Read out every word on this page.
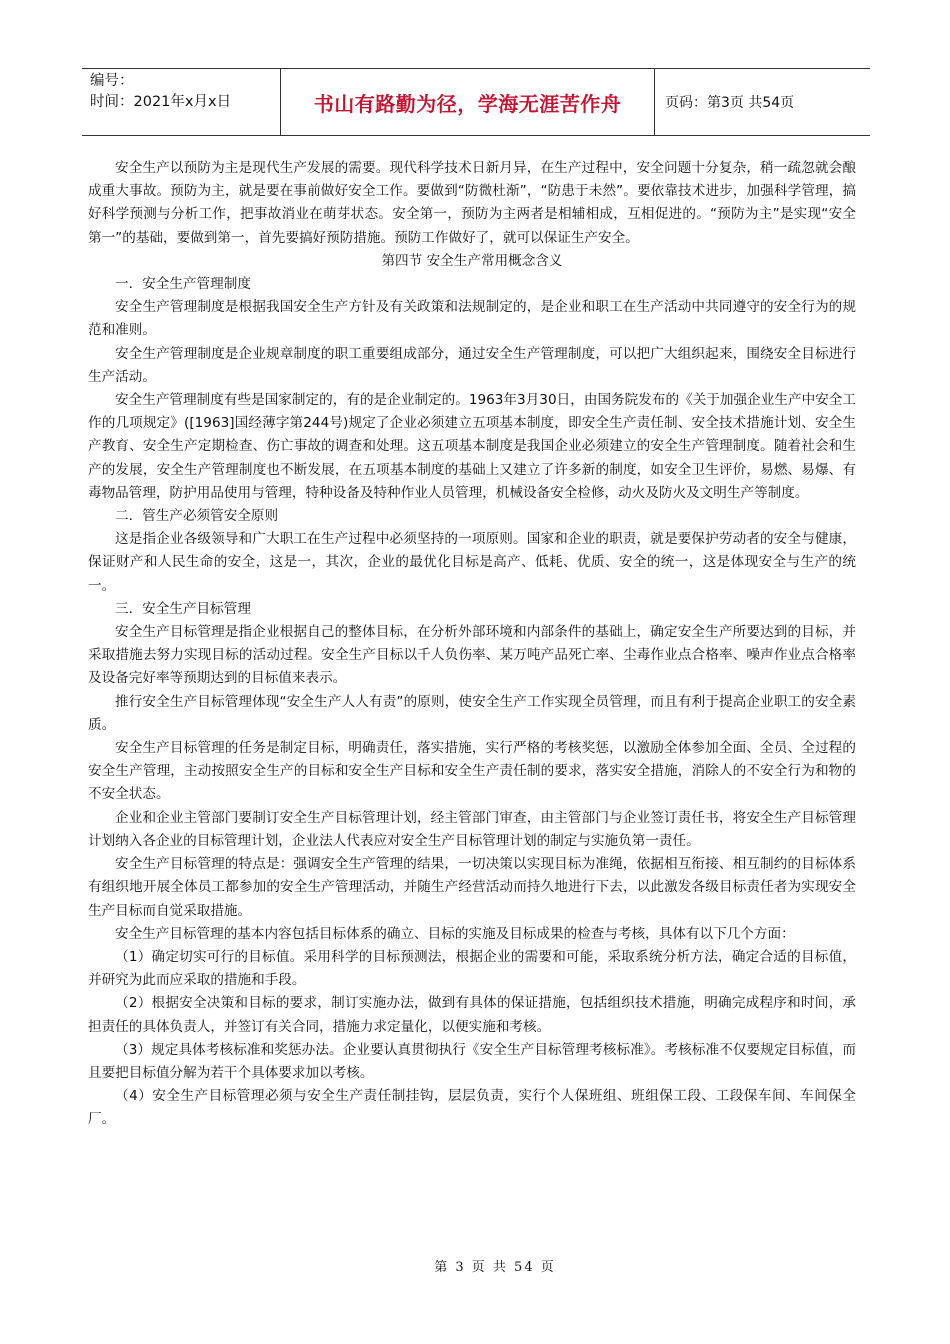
编号：
时间：2021年x月x日	书山有路勤为径，学海无涯苦作舟	页码：第3页 共54页

安全生产以预防为主是现代生产发展的需要。现代科学技术日新月异，在生产过程中，安全问题十分复杂，稍一疏忽就会酿成重大事故。预防为主，就是要在事前做好安全工作。要做到“防微杜渐”，“防患于未然”。要依靠技术进步，加强科学管理，搞好科学预测与分析工作，把事故消业在萌芽状态。安全第一，预防为主两者是相辅相成，互相促进的。“预防为主”是实现“安全第一”的基础，要做到第一，首先要搞好预防措施。预防工作做好了，就可以保证生产安全。

第四节 安全生产常用概念含义

一．安全生产管理制度

安全生产管理制度是根据我国安全生产方针及有关政策和法规制定的，是企业和职工在生产活动中共同遵守的安全行为的规范和准则。

安全生产管理制度是企业规章制度的职工重要组成部分，通过安全生产管理制度，可以把广大组织起来，围绕安全目标进行生产活动。

安全生产管理制度有些是国家制定的，有的是企业制定的。1963年3月30日，由国务院发布的《关于加强企业生产中安全工作的几项规定》([1963]国经薄字第244号)规定了企业必须建立五项基本制度，即安全生产责任制、安全技术措施计划、安全生产教育、安全生产定期检查、伤亡事故的调查和处理。这五项基本制度是我国企业必须建立的安全生产管理制度。随着社会和生产的发展，安全生产管理制度也不断发展，在五项基本制度的基础上又建立了许多新的制度，如安全卫生评价，易燃、易爆、有毒物品管理，防护用品使用与管理，特种设备及特种作业人员管理，机械设备安全检修，动火及防火及文明生产等制度。

二．管生产必须管安全原则

这是指企业各级领导和广大职工在生产过程中必须坚持的一项原则。国家和企业的职责，就是要保护劳动者的安全与健康，保证财产和人民生命的安全，这是一，其次，企业的最优化目标是高产、低耗、优质、安全的统一，这是体现安全与生产的统一。

三．安全生产目标管理

安全生产目标管理是指企业根据自己的整体目标，在分析外部环境和内部条件的基础上，确定安全生产所要达到的目标，并采取措施去努力实现目标的活动过程。安全生产目标以千人负伤率、某万吨产品死亡率、尘毒作业点合格率、噪声作业点合格率及设备完好率等预期达到的目标值来表示。

推行安全生产目标管理体现“安全生产人人有责”的原则，使安全生产工作实现全员管理，而且有利于提高企业职工的安全素质。

安全生产目标管理的任务是制定目标，明确责任，落实措施，实行严格的考核奖惩，以激励全体参加全面、全员、全过程的安全生产管理，主动按照安全生产的目标和安全生产目标和安全生产责任制的要求，落实安全措施，消除人的不安全行为和物的不安全状态。

企业和企业主管部门要制订安全生产目标管理计划，经主管部门审查，由主管部门与企业签订责任书，将安全生产目标管理计划纳入各企业的目标管理计划，企业法人代表应对安全生产目标管理计划的制定与实施负第一责任。

安全生产目标管理的特点是：强调安全生产管理的结果，一切决策以实现目标为准绳，依据相互衔接、相互制约的目标体系有组织地开展全体员工都参加的安全生产管理活动，并随生产经营活动而持久地进行下去，以此激发各级目标责任者为实现安全生产目标而自觉采取措施。

安全生产目标管理的基本内容包括目标体系的确立、目标的实施及目标成果的检查与考核，具体有以下几个方面：

（1）确定切实可行的目标值。采用科学的目标预测法，根据企业的需要和可能，采取系统分析方法，确定合适的目标值，并研究为此而应采取的措施和手段。

（2）根据安全决策和目标的要求，制订实施办法，做到有具体的保证措施，包括组织技术措施，明确完成程序和时间，承担责任的具体负责人，并签订有关合同，措施力求定量化，以便实施和考核。

（3）规定具体考核标准和奖惩办法。企业要认真贯彻执行《安全生产目标管理考核标准》。考核标准不仅要规定目标值，而且要把目标值分解为若干个具体要求加以考核。

（4）安全生产目标管理必须与安全生产责任制挂钩，层层负责，实行个人保班组、班组保工段、工段保车间、车间保全厂。

第 3 页 共 54 页
